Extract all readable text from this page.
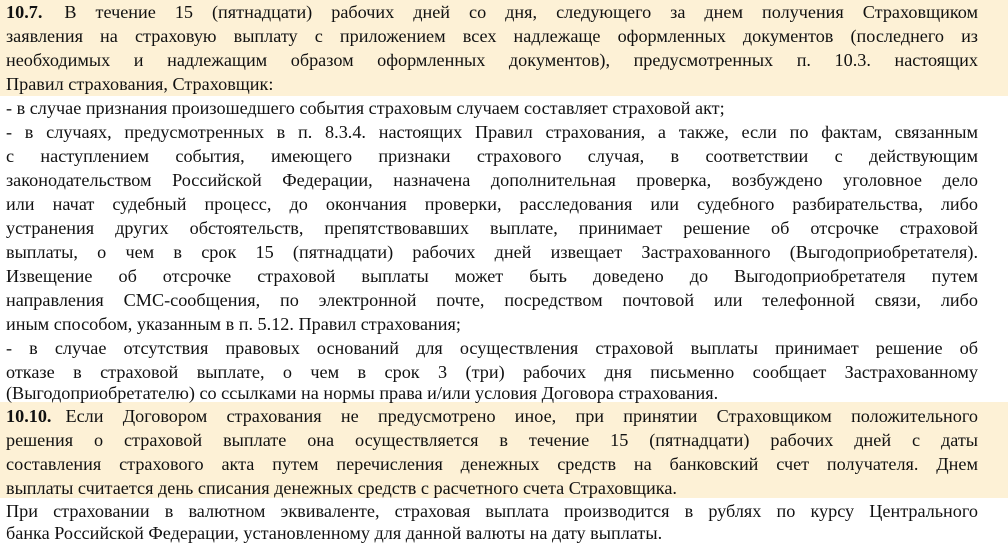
10.7. В течение 15 (пятнадцати) рабочих дней со дня, следующего за днем получения Страховщиком
заявления на страховую выплату с приложением всех надлежаще оформленных документов (последнего из
необходимых и надлежащим образом оформленных документов), предусмотренных п. 10.3. настоящих
Правил страхования, Страховщик:
- в случае признания произошедшего события страховым случаем составляет страховой акт;
- в случаях, предусмотренных в п. 8.3.4. настоящих Правил страхования, а также, если по фактам, связанным
с наступлением события, имеющего признаки страхового случая, в соответствии с действующим
законодательством Российской Федерации, назначена дополнительная проверка, возбуждено уголовное дело
или начат судебный процесс, до окончания проверки, расследования или судебного разбирательства, либо
устранения других обстоятельств, препятствовавших выплате, принимает решение об отсрочке страховой
выплаты, о чем в срок 15 (пятнадцати) рабочих дней извещает Застрахованного (Выгодоприобретателя).
Извещение об отсрочке страховой выплаты может быть доведено до Выгодоприобретателя путем
направления СМС-сообщения, по электронной почте, посредством почтовой или телефонной связи, либо
иным способом, указанным в п. 5.12. Правил страхования;
- в случае отсутствия правовых оснований для осуществления страховой выплаты принимает решение об
отказе в страховой выплате, о чем в срок 3 (три) рабочих дня письменно сообщает Застрахованному
(Выгодоприобретателю) со ссылками на нормы права и/или условия Договора страхования.
10.10. Если Договором страхования не предусмотрено иное, при принятии Страховщиком положительного
решения о страховой выплате она осуществляется в течение 15 (пятнадцати) рабочих дней с даты
составления страхового акта путем перечисления денежных средств на банковский счет получателя. Днем
выплаты считается день списания денежных средств с расчетного счета Страховщика.
При страховании в валютном эквиваленте, страховая выплата производится в рублях по курсу Центрального
банка Российской Федерации, установленному для данной валюты на дату выплаты.
